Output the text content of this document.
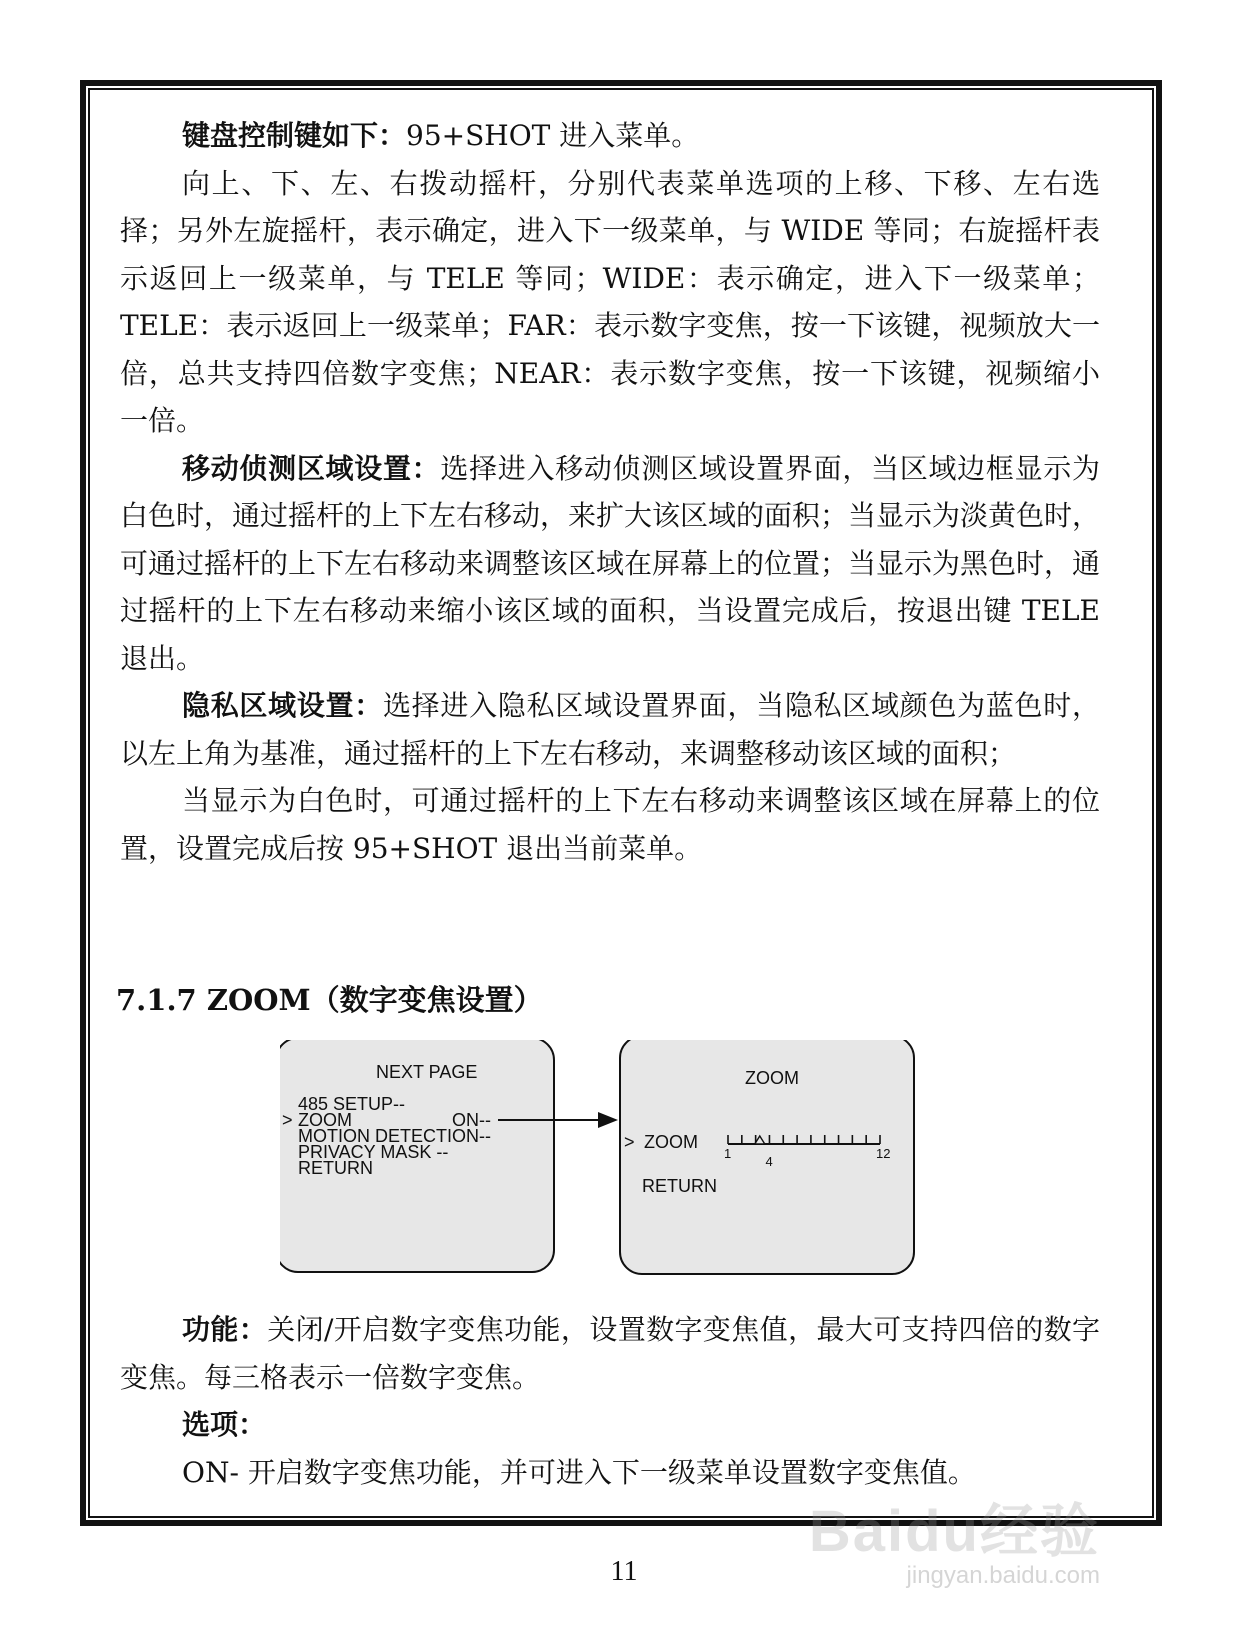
键盘控制键如下：95+SHOT 进入菜单。

向上、下、左、右拨动摇杆，分别代表菜单选项的上移、下移、左右选择；另外左旋摇杆，表示确定，进入下一级菜单，与 WIDE 等同；右旋摇杆表示返回上一级菜单，与 TELE 等同；WIDE：表示确定，进入下一级菜单；TELE：表示返回上一级菜单；FAR：表示数字变焦，按一下该键，视频放大一倍，总共支持四倍数字变焦；NEAR：表示数字变焦，按一下该键，视频缩小一倍。

移动侦测区域设置：选择进入移动侦测区域设置界面，当区域边框显示为白色时，通过摇杆的上下左右移动，来扩大该区域的面积；当显示为淡黄色时，可通过摇杆的上下左右移动来调整该区域在屏幕上的位置；当显示为黑色时，通过摇杆的上下左右移动来缩小该区域的面积，当设置完成后，按退出键 TELE 退出。

隐私区域设置：选择进入隐私区域设置界面，当隐私区域颜色为蓝色时，以左上角为基准，通过摇杆的上下左右移动，来调整移动该区域的面积；

当显示为白色时，可通过摇杆的上下左右移动来调整该区域在屏幕上的位置，设置完成后按 95+SHOT 退出当前菜单。

7.1.7 ZOOM（数字变焦设置）
NEXT PAGE
485 SETUP--
> ZOOM	ON--
MOTION DETECTION--
PRIVACY MASK --
RETURN
ZOOM
> ZOOM
1
4
12
RETURN

功能：关闭/开启数字变焦功能，设置数字变焦值，最大可支持四倍的数字变焦。每三格表示一倍数字变焦。

选项：

ON- 开启数字变焦功能，并可进入下一级菜单设置数字变焦值。

11
Baidu经验
jingyan.baidu.com
